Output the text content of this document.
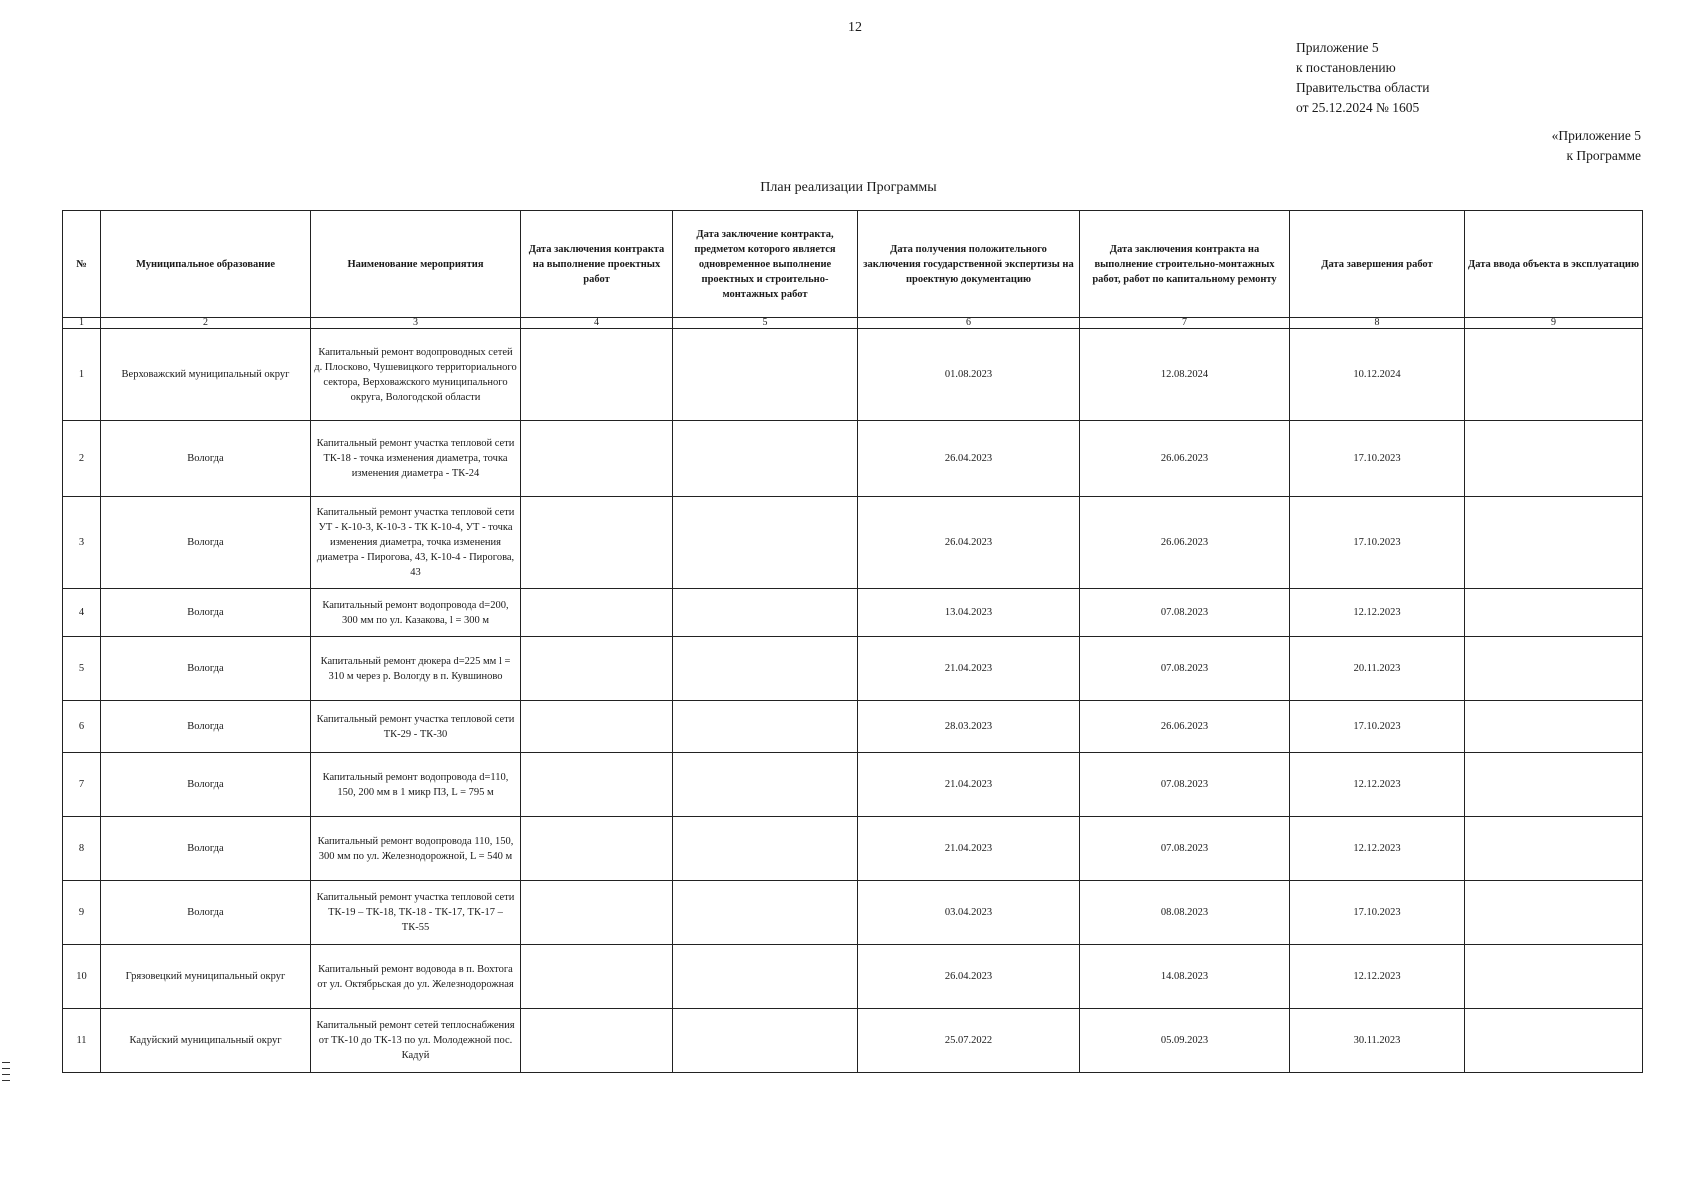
12
Приложение 5
к постановлению
Правительства области
от 25.12.2024 № 1605
«Приложение 5
к Программе
План реализации Программы
№	Муниципальное образование	Наименование мероприятия	Дата заключения контракта на выполнение проектных работ	Дата заключение контракта, предметом которого является одновременное выполнение проектных и строительно-монтажных работ	Дата получения положительного заключения государственной экспертизы на проектную документацию	Дата заключения контракта на выполнение строительно-монтажных работ, работ по капитальному ремонту	Дата завершения работ	Дата ввода объекта в эксплуатацию
1	2	3	4	5	6	7	8	9
1	Верховажский муниципальный округ	Капитальный ремонт водопроводных сетей д. Плосково, Чушевицкого территориального сектора, Верховажского муниципального округа, Вологодской области			01.08.2023	12.08.2024	10.12.2024	
2	Вологда	Капитальный ремонт участка тепловой сети ТК-18 - точка изменения диаметра, точка изменения диаметра - ТК-24			26.04.2023	26.06.2023	17.10.2023	
3	Вологда	Капитальный ремонт участка тепловой сети УТ - К-10-3, К-10-3 - ТК К-10-4, УТ - точка изменения диаметра, точка изменения диаметра - Пирогова, 43, К-10-4 - Пирогова, 43			26.04.2023	26.06.2023	17.10.2023	
4	Вологда	Капитальный ремонт водопровода d=200, 300 мм по ул. Казакова, l = 300 м			13.04.2023	07.08.2023	12.12.2023	
5	Вологда	Капитальный ремонт дюкера d=225 мм l = 310 м через р. Вологду в п. Кувшиново			21.04.2023	07.08.2023	20.11.2023	
6	Вологда	Капитальный ремонт участка тепловой сети ТК-29 - ТК-30			28.03.2023	26.06.2023	17.10.2023	
7	Вологда	Капитальный ремонт водопровода d=110, 150, 200 мм в 1 микр ПЗ, L = 795 м			21.04.2023	07.08.2023	12.12.2023	
8	Вологда	Капитальный ремонт водопровода 110, 150, 300 мм по ул. Железнодорожной, L = 540 м			21.04.2023	07.08.2023	12.12.2023	
9	Вологда	Капитальный ремонт участка тепловой сети ТК-19 – ТК-18, ТК-18 - ТК-17, ТК-17 – ТК-55			03.04.2023	08.08.2023	17.10.2023	
10	Грязовецкий муниципальный округ	Капитальный ремонт водовода в п. Вохтога от ул. Октябрьская до ул. Железнодорожная			26.04.2023	14.08.2023	12.12.2023	
11	Кадуйский муниципальный округ	Капитальный ремонт сетей теплоснабжения от ТК-10 до ТК-13 по ул. Молодежной пос. Кадуй			25.07.2022	05.09.2023	30.11.2023	
